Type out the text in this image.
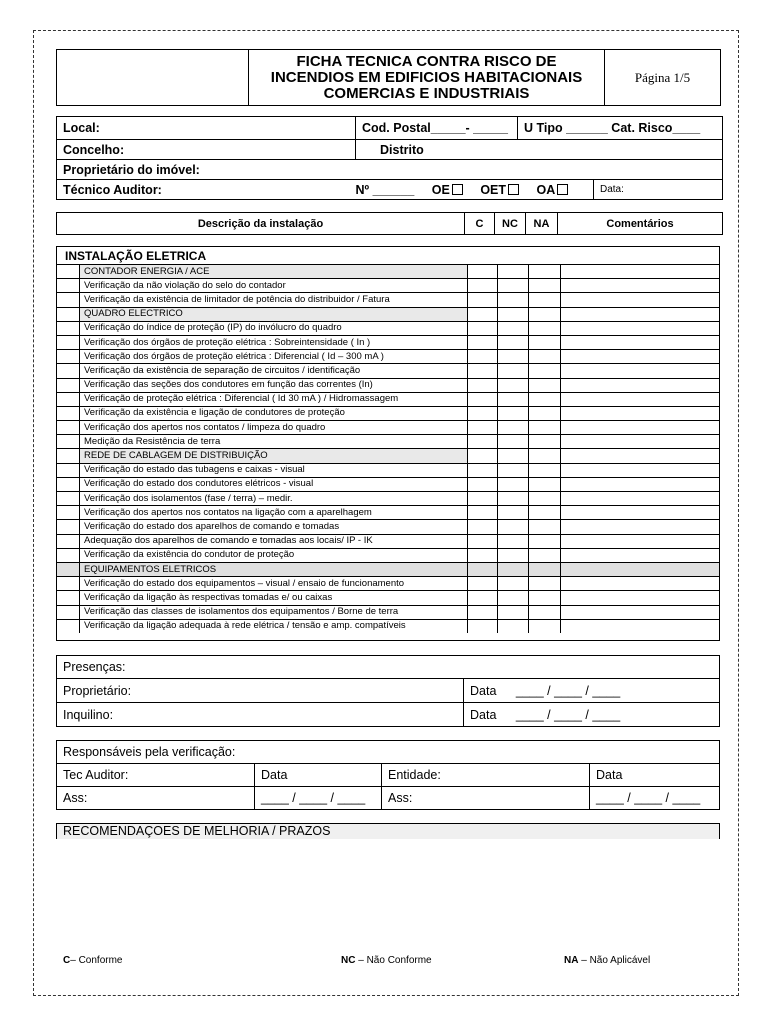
FICHA TECNICA CONTRA RISCO DE
INCENDIOS EM EDIFICIOS HABITACIONAIS
COMERCIAS E INDUSTRIAIS
	Página 1/5
Local:	Cod. Postal_____- _____	U Tipo ______ Cat. Risco____	
Concelho:	Distrito		
Proprietário do imóvel:			
Técnico Auditor:	Nº ______ OE OET OA		Data:
Descrição da instalação	C	NC	NA	Comentários
INSTALAÇÃO ELETRICA					
	CONTADOR ENERGIA / ACE				
	Verificação da não violação do selo do contador				
	Verificação da existência de limitador de potência do distribuidor / Fatura				
	QUADRO ELECTRICO				
	Verificação do índice de proteção (IP) do invólucro do quadro				
	Verificação dos órgãos de proteção elétrica : Sobreintensidade ( In )				
	Verificação dos órgãos de proteção elétrica : Diferencial ( Id – 300 mA )				
	Verificação da existência de separação de circuitos / identificação				
	Verificação das seções dos condutores em função das correntes (In)				
	Verificação de proteção elétrica : Diferencial ( Id 30 mA ) / Hidromassagem				
	Verificação da existência e ligação de condutores de proteção				
	Verificação dos apertos nos contatos / limpeza do quadro				
	Medição da Resistência de terra				
	REDE DE CABLAGEM DE DISTRIBUIÇÃO				
	Verificação do estado das tubagens e caixas - visual				
	Verificação do estado dos condutores elétricos - visual				
	Verificação dos isolamentos (fase / terra) – medir.				
	Verificação dos apertos nos contatos na ligação com a aparelhagem				
	Verificação do estado dos aparelhos de comando e tomadas				
	Adequação dos aparelhos de comando e tomadas aos locais/ IP - IK				
	Verificação da existência do condutor de proteção				
	EQUIPAMENTOS ELETRICOS				
	Verificação do estado dos equipamentos – visual / ensaio de funcionamento				
	Verificação da ligação às respectivas tomadas e/ ou caixas				
	Verificação das classes de isolamentos dos equipamentos / Borne de terra				
	Verificação da ligação adequada à rede elétrica / tensão e amp. compatíveis				
Presenças:	
Proprietário:	Data ____ / ____ / ____
Inquilino:	Data ____ / ____ / ____
Responsáveis pela verificação:			
Tec Auditor:	Data	Entidade:	Data
Ass:	____ / ____ / ____	Ass:	____ / ____ / ____
RECOMENDAÇOES DE MELHORIA / PRAZOS
C– Conforme	NC – Não Conforme	NA – Não Aplicável
